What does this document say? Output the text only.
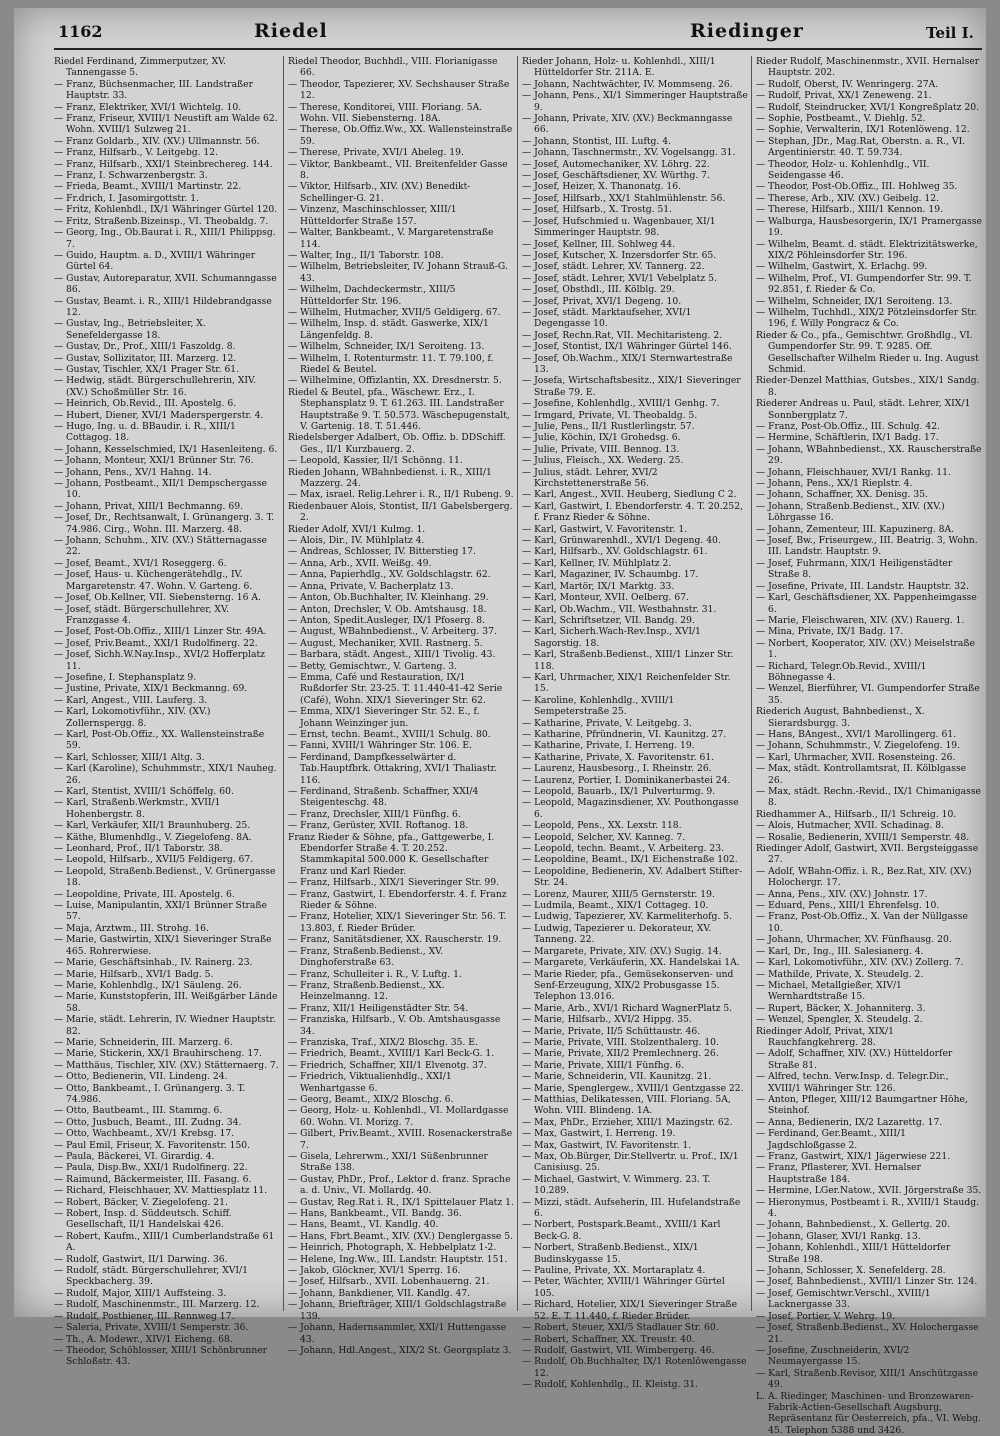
1162	Riedel	Riedinger	Teil I.

Riedel Ferdinand, Zimmerputzer, XV. Tannengasse 5.

— Franz, Büchsenmacher, III. Landstraßer Hauptstr. 33.

— Franz, Elektriker, XVI/1 Wichtelg. 10.

— Franz, Friseur, XVIII/1 Neustift am Walde 62. Wohn. XVIII/1 Sulzweg 21.

— Franz Goldarb., XIV. (XV.) Ullmannstr. 56.

— Franz, Hilfsarb., V. Leitgebg. 12.

— Franz, Hilfsarb., XXI/1 Steinbrechereg. 144.

— Franz, I. Schwarzenbergstr. 3.

— Frieda, Beamt., XVIII/1 Martinstr. 22.

— Fr.drich, I. Jasomirgottstr. 1.

— Fritz, Kohlenhdl., IX/1 Währinger Gürtel 120.

— Fritz, Straßenb.Bizeinsp., VI. Theobaldg. 7.

— Georg, Ing., Ob.Baurat i. R., XIII/1 Philippsg. 7.

— Guido, Hauptm. a. D., XVIII/1 Währinger Gürtel 64.

— Gustav, Autoreparatur, XVII. Schumanngasse 86.

— Gustav, Beamt. i. R., XIII/1 Hildebrandgasse 12.

— Gustav, Ing., Betriebsleiter, X. Senefeldergasse 18.

— Gustav, Dr., Prof., XIII/1 Faszoldg. 8.

— Gustav, Sollizitator, III. Marzerg. 12.

— Gustav, Tischler, XX/1 Prager Str. 61.

— Hedwig, städt. Bürgerschullehrerin, XIV. (XV.) Schoßmüller Str. 16.

— Heinrich, Ob.Revid., III. Apostelg. 6.

— Hubert, Diener, XVI/1 Maderspergerstr. 4.

— Hugo, Ing. u. d. BBaudir. i. R., XIII/1 Cottagog. 18.

— Johann, Kesselschmied, IX/1 Hasenleiteng. 6.

— Johann, Monteur, XXI/1 Brünner Str. 76.

— Johann, Pens., XV/1 Hahng. 14.

— Johann, Postbeamt., XII/1 Dempschergasse 10.

— Johann, Privat, XIII/1 Bechmanng. 69.

— Josef, Dr., Rechtsanwalt, I. Grünangerg. 3. T. 74.986. Cirg., Wohn. III. Marzerg. 48.

— Johann, Schuhm., XIV. (XV.) Stätternagasse 22.

— Josef, Beamt., XVI/1 Roseggerg. 6.

— Josef, Haus- u. Küchengerätehdlg., IV. Margaretenstr. 47. Wohn. V. Garteng. 6.

— Josef, Ob.Kellner, VII. Siebensterng. 16 A.

— Josef, städt. Bürgerschullehrer, XV. Franzgasse 4.

— Josef, Post-Ob.Offiz., XIII/1 Linzer Str. 49A.

— Josef, Priv.Beamt., XXI/1 Rudolfinerg. 22.

— Josef, Sichh.W.Nay.Insp., XVI/2 Hofferplatz 11.

— Josefine, I. Stephansplatz 9.

— Justine, Private, XIX/1 Beckmanng. 69.

— Karl, Angest., VIII. Lauferg. 3.

— Karl, Lokomotivführ., XIV. (XV.) Zollernspergg. 8.

— Karl, Post-Ob.Offiz., XX. Wallensteinstraße 59.

— Karl, Schlosser, XIII/1 Altg. 3.

— Karl (Karoline), Schuhmmstr., XIX/1 Nauheg. 26.

— Karl, Stentist, XVIII/1 Schöffelg. 60.

— Karl, Straßenb.Werkmstr., XVII/1 Hohenbergstr. 8.

— Karl, Verkäufer, XII/1 Braunhuberg. 25.

— Käthe, Blumenhdlg., V. Ziegelofeng. 8A.

— Leonhard, Prof., II/1 Taborstr. 38.

— Leopold, Hilfsarb., XVII/5 Feldigerg. 67.

— Leopold, Straßenb.Bedienst., V. Grünergasse 18.

— Leopoldine, Private, III. Apostelg. 6.

— Luise, Manipulantin, XXI/1 Brünner Straße 57.

— Maja, Arztwm., III. Strohg. 16.

— Marie, Gastwirtin, XIX/1 Sieveringer Straße 465. Rohrerwiese.

— Marie, Geschäftsinhab., IV. Rainerg. 23.

— Marie, Hilfsarb., XVI/1 Badg. 5.

— Marie, Kohlenhdlg., IX/1 Säuleng. 26.

— Marie, Kunststopferin, III. Weißgärber Lände 58.

— Marie, städt. Lehrerin, IV. Wiedner Hauptstr. 82.

— Marie, Schneiderin, III. Marzerg. 6.

— Marie, Stickerin, XX/1 Brauhirscheng. 17.

— Matthäus, Tischler, XIV. (XV.) Stätternaerg. 7.

— Otto, Bedienerin, VII. Lindeng. 24.

— Otto, Bankbeamt., I. Grünangerg. 3. T. 74.986.

— Otto, Bautbeamt., III. Stammg. 6.

— Otto, Jusbuch, Beamt., III. Zudng. 34.

— Otto, Wachbeamt., XV/1 Krebsg. 17.

— Paul Emil, Friseur, X. Favoritenstr. 150.

— Paula, Bäckerei, VI. Girardig. 4.

— Paula, Disp.Bw., XXI/1 Rudolfinerg. 22.

— Raimund, Bäckermeister, III. Fasang. 6.

— Richard, Fleischhauer, XV. Mattiesplatz 11.

— Robert, Bäcker, V. Ziegelofeng. 21.

— Robert, Insp. d. Süddeutsch. Schiff. Gesellschaft, II/1 Handelskai 426.

— Robert, Kaufm., XIII/1 Cumberlandstraße 61 A.

— Rudolf, Gastwirt, II/1 Darwing. 36.

— Rudolf, städt. Bürgerschullehrer, XVI/1 Speckbacherg. 39.

— Rudolf, Major, XIII/1 Auffsteing. 3.

— Rudolf, Maschinenmstr., III. Marzerg. 12.

— Rudolf, Postbiener, III. Rennweg 17.

— Saleria, Private, XVIII/1 Semperstr. 36.

— Th., A. Modewr., XIV/1 Eicheng. 68.

— Theodor, Schöhlosser, XIII/1 Schönbrunner Schloßstr. 43.

Riedel Theodor, Buchhdl., VIII. Florianigasse 66.

— Theodor, Tapezierer, XV. Sechshauser Straße 12.

— Therese, Konditorei, VIII. Floriang. 5A. Wohn. VII. Siebensterng. 18A.

— Therese, Ob.Offiz.Ww., XX. Wallensteinstraße 59.

— Therese, Private, XVI/1 Abeleg. 19.

— Viktor, Bankbeamt., VII. Breitenfelder Gasse 8.

— Viktor, Hilfsarb., XIV. (XV.) Benedikt-Schellinger-G. 21.

— Vinzenz, Maschinschlosser, XIII/1 Hütteldorfer Straße 157.

— Walter, Bankbeamt., V. Margaretenstraße 114.

— Walter, Ing., II/1 Taborstr. 108.

— Wilhelm, Betriebsleiter, IV. Johann Strauß-G. 43.

— Wilhelm, Dachdeckermstr., XIII/5 Hütteldorfer Str. 196.

— Wilhelm, Hutmacher, XVII/5 Geldigerg. 67.

— Wilhelm, Insp. d. städt. Gaswerke, XIX/1 Längenfeldg. 8.

— Wilhelm, Schneider, IX/1 Seroiteng. 13.

— Wilhelm, I. Rotenturmstr. 11. T. 79.100, f. Riedel & Beutel.

— Wilhelmine, Offizlantin, XX. Dresdnerstr. 5.

Riedel & Beutel, pfa., Wäschewr. Erz., I. Stephansplatz 9. T. 61.263. III. Landstraßer Hauptstraße 9. T. 50.573. Wäschepugenstalt, V. Gartenig. 18. T. 51.446.

Riedelsberger Adalbert, Ob. Offiz. b. DDSchiff. Ges., II/1 Kurzbauerg. 2.

— Leopold, Kassier, II/1 Schönng. 11.

Rieden Johann, WBahnbedienst. i. R., XIII/1 Mazzerg. 24.

— Max, israel. Relig.Lehrer i. R., II/1 Rubeng. 9.

Riedenbauer Alois, Stontist, II/1 Gabelsbergerg. 2.

Rieder Adolf, XVI/1 Kulmg. 1.

— Alois, Dir., IV. Mühlplatz 4.

— Andreas, Schlosser, IV. Bitterstieg 17.

— Anna, Arb., XVII. Weißg. 49.

— Anna, Papierhdlg., XV. Goldschlagstr. 62.

— Anna, Private, V. Bacherplatz 13.

— Anton, Ob.Buchhalter, IV. Kleinhang. 29.

— Anton, Drechsler, V. Ob. Amtshausg. 18.

— Anton, Spedit.Ausleger, IX/1 Pfoserg. 8.

— August, WBahnbedienst., V. Arbeiterg. 37.

— August, Mechaniker, XVII. Rastnerg. 5.

— Barbara, städt. Angest., XIII/1 Tivolig. 43.

— Betty, Gemischtwr., V. Garteng. 3.

— Emma, Café und Restauration, IX/1 Rußdorfer Str. 23-25. T. 11.440-41-42 Serie (Café), Wohn. XIX/1 Sieveringer Str. 62.

— Emma, XIX/1 Sieveringer Str. 52. E., f. Johann Weinzinger jun.

— Ernst, techn. Beamt., XVIII/1 Schulg. 80.

— Fanni, XVIII/1 Währinger Str. 106. E.

— Ferdinand, Dampfkesselwärter d. Tab.Hauptfbrk. Ottakring, XVI/1 Thaliastr. 116.

— Ferdinand, Straßenb. Schaffner, XXI/4 Steigenteschg. 48.

— Franz, Drechsler, XIII/1 Fünfhg. 6.

— Franz, Gerüster, XVII. Roftanog. 18.

Franz Rieder & Söhne, pfa., Gattgewerbe, I. Ebendorfer Straße 4. T. 20.252. Stammkapital 500.000 K. Gesellschafter Franz und Karl Rieder.

— Franz, Hilfsarb., XIX/1 Sieveringer Str. 99.

— Franz, Gastwirt, I. Ebendorferstr. 4. f. Franz Rieder & Söhne.

— Franz, Hotelier, XIX/1 Sieveringer Str. 56. T. 13.803, f. Rieder Brüder.

— Franz, Sanitätsdiener, XX. Rauscherstr. 19.

— Franz, Straßenb.Bedienst., XV. Dinghoferstraße 63.

— Franz, Schulleiter i. R., V. Luftg. 1.

— Franz, Straßenb.Bedienst., XX. Heinzelmanng. 12.

— Franz, XII/1 Heiligenstädter Str. 54.

— Franziska, Hilfsarb., V. Ob. Amtshausgasse 34.

— Franziska, Traf., XIX/2 Bloschg. 35. E.

— Friedrich, Beamt., XVIII/1 Karl Beck-G. 1.

— Friedrich, Schaffner, XII/1 Elvenotg. 37.

— Friedrich, Viktualienhdlg., XXI/1 Wenhartgasse 6.

— Georg, Beamt., XIX/2 Bloschg. 6.

— Georg, Holz- u. Kohlenhdl., VI. Mollardgasse 60. Wohn. VI. Morizg. 7.

— Gilbert, Priv.Beamt., XVIII. Rosenackerstraße 7.

— Gisela, Lehrerwm., XXI/1 Süßenbrunner Straße 138.

— Gustav, PhDr., Prof., Lektor d. franz. Sprache a. d. Univ., VI. Mollardg. 40.

— Gustav, Reg.Rat i. R., IX/1 Spittelauer Platz 1.

— Hans, Bankbeamt., VII. Bandg. 36.

— Hans, Beamt., VI. Kandlg. 40.

— Hans, Fbrt.Beamt., XIV. (XV.) Denglergasse 5.

— Heinrich, Photograph, X. Hebbelplatz 1-2.

— Helene, Ing.Ww., III. Landstr. Hauptstr. 151.

— Jakob, Glöckner, XVI/1 Sperrg. 16.

— Josef, Hilfsarb., XVII. Lobenhauerng. 21.

— Johann, Bankdiener, VII. Kandlg. 47.

— Johann, Briefträger, XIII/1 Goldschlagstraße 139.

— Johann, Hadernsammler, XXI/1 Huttengasse 43.

— Johann, Hdl.Angest., XIX/2 St. Georgsplatz 3.

Rieder Johann, Holz- u. Kohlenhdl., XIII/1 Hütteldorfer Str. 211A. E.

— Johann, Nachtwächter, IV. Mommseng. 26.

— Johann, Pens., XI/1 Simmeringer Hauptstraße 9.

— Johann, Private, XIV. (XV.) Beckmanngasse 66.

— Johann, Stontist, III. Luftg. 4.

— Johann, Taschnermstr., XV. Vogelsangg. 31.

— Josef, Automechaniker, XV. Löhrg. 22.

— Josef, Geschäftsdiener, XV. Würthg. 7.

— Josef, Heizer, X. Thanonatg. 16.

— Josef, Hilfsarb., XX/1 Stahlmühlenstr. 56.

— Josef, Hilfsarb., X. Trostg. 51.

— Josef, Hufschmied u. Wagenbauer, XI/1 Simmeringer Hauptstr. 98.

— Josef, Kellner, III. Sohlweg 44.

— Josef, Kutscher, X. Inzersdorfer Str. 65.

— Josef, städt. Lehrer, XV. Tannerg. 22.

— Josef, städt. Lehrer, XVI/1 Vebelplatz 5.

— Josef, Obsthdl., III. Kölblg. 29.

— Josef, Privat, XVI/1 Degeng. 10.

— Josef, städt. Marktaufseher, XVI/1 Degengasse 10.

— Josef, Rechn.Rat, VII. Mechitaristeng. 2.

— Josef, Stontist, IX/1 Währinger Gürtel 146.

— Josef, Ob.Wachm., XIX/1 Sternwartestraße 13.

— Josefa, Wirtschaftsbesitz., XIX/1 Sieveringer Straße 79. E.

— Josefine, Kohlenhdlg., XVIII/1 Genhg. 7.

— Irmgard, Private, VI. Theobaldg. 5.

— Julie, Pens., II/1 Rustlerlingstr. 57.

— Julie, Köchin, IX/1 Grohedsg. 6.

— Julie, Private, VIII. Bennog. 13.

— Julius, Fleisch., XX. Wederg. 25.

— Julius, städt. Lehrer, XVI/2 Kirchstettenerstraße 56.

— Karl, Angest., XVII. Heuberg, Siedlung C 2.

— Karl, Gastwirt, I. Ebendorferstr. 4. T. 20.252, f. Franz Rieder & Söhne.

— Karl, Gastwirt, V. Favoritenstr. 1.

— Karl, Grünwarenhdl., XVI/1 Degeng. 40.

— Karl, Hilfsarb., XV. Goldschlagstr. 61.

— Karl, Kellner, IV. Mühlplatz 2.

— Karl, Magaziner, IV. Schaumbg. 17.

— Karl, Martör, IX/1 Marktg. 33.

— Karl, Monteur, XVII. Oelberg. 67.

— Karl, Ob.Wachm., VII. Westbahnstr. 31.

— Karl, Schriftsetzer, VII. Bandg. 29.

— Karl, Sicherh.Wach-Rev.Insp., XVI/1 Sagorstig. 18.

— Karl, Straßenb.Bedienst., XIII/1 Linzer Str. 118.

— Karl, Uhrmacher, XIX/1 Reichenfelder Str. 15.

— Karoline, Kohlenhdlg., XVIII/1 Sempeterstraße 25.

— Katharine, Private, V. Leitgebg. 3.

— Katharine, Pfründnerin, VI. Kaunitzg. 27.

— Katharine, Private, I. Herreng. 19.

— Katharine, Private, X. Favoritenstr. 61.

— Laurenz, Hausbesorg., I. Rheinstr. 26.

— Laurenz, Portier, I. Dominikanerbastei 24.

— Leopold, Bauarb., IX/1 Pulverturmg. 9.

— Leopold, Magazinsdiener, XV. Pouthongasse 6.

— Leopold, Pens., XX. Lexstr. 118.

— Leopold, Selcher, XV. Kanneg. 7.

— Leopold, techn. Beamt., V. Arbeiterg. 23.

— Leopoldine, Beamt., IX/1 Eichenstraße 102.

— Leopoldine, Bedienerin, XV. Adalbert Stifter-Str. 24.

— Lorenz, Maurer, XIII/5 Gernsterstr. 19.

— Ludmila, Beamt., XIX/1 Cottageg. 10.

— Ludwig, Tapezierer, XV. Karmeliterhofg. 5.

— Ludwig, Tapezierer u. Dekorateur, XV. Tanneng. 22.

— Margarete, Private, XIV. (XV.) Sugig. 14.

— Margarete, Verkäuferin, XX. Handelskai 1A.

— Marie Rieder, pfa., Gemüsekonserven- und Senf-Erzeugung, XIX/2 Probusgasse 15. Telephon 13.016.

— Marie, Arb., XVI/1 Richard WagnerPlatz 5.

— Marie, Hilfsarb., XVI/2 Hippg. 35.

— Marie, Private, II/5 Schüttaustr. 46.

— Marie, Private, VIII. Stolzenthalerg. 10.

— Marie, Private, XII/2 Premlechnerg. 26.

— Marie, Private, XIII/1 Fünfhg. 6.

— Marie, Schneiderin, VII. Kaunitzg. 21.

— Marie, Spenglergew., XVIII/1 Gentzgasse 22.

— Matthias, Delikatessen, VIII. Floriang. 5A, Wohn. VIII. Blindeng. 1A.

— Max, PhDr., Erzieher, XIII/1 Mazingstr. 62.

— Max, Gastwirt, I. Herreng. 19.

— Max, Gastwirt, IV. Favoritenstr. 1.

— Max, Ob.Bürger, Dir.Stellvertr. u. Prof., IX/1 Canisiusg. 25.

— Michael, Gastwirt, V. Wimmerg. 23. T. 10.289.

— Mizzi, städt. Aufseherin, III. Hufelandstraße 6.

— Norbert, Postspark.Beamt., XVIII/1 Karl Beck-G. 8.

— Norbert, Straßenb.Bedienst., XIX/1 Budinskygasse 15.

— Pauline, Private, XX. Mortaraplatz 4.

— Peter, Wächter, XVIII/1 Währinger Gürtel 105.

— Richard, Hotelier, XIX/1 Sieveringer Straße 52. E. T. 11.440, f. Rieder Brüder.

— Robert, Steuer, XXI/5 Stadlauer Str. 60.

— Robert, Schaffner, XX. Treustr. 40.

— Rudolf, Gastwirt, VII. Wimbergerg. 46.

— Rudolf, Ob.Buchhalter, IX/1 Rotenlöwengasse 12.

— Rudolf, Kohlenhdlg., II. Kleistg. 31.

Rieder Rudolf, Maschinenmstr., XVII. Hernalser Hauptstr. 202.

— Rudolf, Oberst, IV. Wenringerg. 27A.

— Rudolf, Privat, XX/1 Zeneweng. 21.

— Rudolf, Steindrucker, XVI/1 Kongreßplatz 20.

— Sophie, Postbeamt., V. Diehlg. 52.

— Sophie, Verwalterin, IX/1 Rotenlöweng. 12.

— Stephan, JDr., Mag.Rat, Oberstn. a. R., VI. Argentinierstr. 40. T. 59.734.

— Theodor, Holz- u. Kohlenhdlg., VII. Seidengasse 46.

— Theodor, Post-Ob.Offiz., III. Hohlweg 35.

— Therese, Arb., XIV. (XV.) Geibelg. 12.

— Therese, Hilfsarb., XIII/1 Kennon. 19.

— Walburga, Hausbesorgerin, IX/1 Pramergasse 19.

— Wilhelm, Beamt. d. städt. Elektrizitätswerke, XIX/2 Pöhleinsdorfer Str. 196.

— Wilhelm, Gastwirt, X. Erlachg. 99.

— Wilhelm, Prof., VI. Gumpendorfer Str. 99. T. 92.851, f. Rieder & Co.

— Wilhelm, Schneider, IX/1 Seroiteng. 13.

— Wilhelm, Tuchhdl., XIX/2 Pötzleinsdorfer Str. 196, f. Willy Pongracz & Co.

Rieder & Co., pfa., Gemischtwr. Großhdlg., VI. Gumpendorfer Str. 99. T. 9285. Off. Gesellschafter Wilhelm Rieder u. Ing. August Schmid.

Rieder-Denzel Matthias, Gutsbes., XIX/1 Sandg. 8.

Riederer Andreas u. Paul, städt. Lehrer, XIX/1 Sonnbergplatz 7.

— Franz, Post-Ob.Offiz., III. Schulg. 42.

— Hermine, Schäftlerin, IX/1 Badg. 17.

— Johann, WBahnbedienst., XX. Rauscherstraße 29.

— Johann, Fleischhauer, XVI/1 Rankg. 11.

— Johann, Pens., XX/1 Rieplstr. 4.

— Johann, Schaffner, XX. Denisg. 35.

— Johann, Straßenb.Bedienst., XIV. (XV.) Löhrgasse 16.

— Johann, Zementeur, III. Kapuzinerg. 8A.

— Josef, Bw., Friseurgew., III. Beatrig. 3, Wohn. III. Landstr. Hauptstr. 9.

— Josef, Fuhrmann, XIX/1 Heiligenstädter Straße 8.

— Josefine, Private, III. Landstr. Hauptstr. 32.

— Karl, Geschäftsdiener, XX. Pappenheimgasse 6.

— Marie, Fleischwaren, XIV. (XV.) Rauerg. 1.

— Mina, Private, IX/1 Badg. 17.

— Norbert, Kooperator, XIV. (XV.) Meiselstraße 1.

— Richard, Telegr.Ob.Revid., XVIII/1 Böhnegasse 4.

— Wenzel, Bierführer, VI. Gumpendorfer Straße 35.

Riederich August, Bahnbedienst., X. Sierardsburgg. 3.

— Hans, BAngest., XVI/1 Marollingerg. 61.

— Johann, Schuhmmstr., V. Ziegelofeng. 19.

— Karl, Uhrmacher, XVII. Rosensteing. 26.

— Max, städt. Kontrollamtsrat, II. Kölblgasse 26.

— Max, städt. Rechn.-Revid., IX/1 Chimanigasse 8.

Riedhammer A., Hilfsarb., II/1 Schreig. 10.

— Alois, Hutmacher, XVII. Schadinag. 8.

— Rosalie, Bedienerin, XVIII/1 Semperstr. 48.

Riedinger Adolf, Gastwirt, XVII. Bergsteiggasse 27.

— Adolf, WBahn-Offiz. i. R., Bez.Rat, XIV. (XV.) Holochergr. 17.

— Anna, Pens., XIV. (XV.) Johnstr. 17.

— Eduard, Pens., XIII/1 Ehrenfelsg. 10.

— Franz, Post-Ob.Offiz., X. Van der Nüllgasse 10.

— Johann, Uhrmacher, XV. Fünfhausg. 20.

— Karl, Dr., Ing., III. Salesianerg. 4.

— Karl, Lokomotivführ., XIV. (XV.) Zollerg. 7.

— Mathilde, Private, X. Steudelg. 2.

— Michael, Metallgießer, XIV/1 Wernhardtstraße 15.

— Rupert, Bäcker, X. Johanniterg. 3.

— Wenzel, Spengler, X. Steudelg. 2.

Riedinger Adolf, Privat, XIX/1 Rauchfangkehrerg. 28.

— Adolf, Schaffner, XIV. (XV.) Hütteldorfer Straße 81.

— Alfred, techn. Verw.Insp. d. Telegr.Dir., XVIII/1 Währinger Str. 126.

— Anton, Pfleger, XIII/12 Baumgartner Höhe, Steinhof.

— Anna, Bedienerin, IX/2 Lazarettg. 17.

— Ferdinand, Ger.Beamt., XIII/1 Jagdschloßgasse 2.

— Franz, Gastwirt, XIX/1 Jägerwiese 221.

— Franz, Pflasterer, XVI. Hernalser Hauptstraße 184.

— Hermine, LGer.Natow., XVII. Jörgerstraße 35.

— Hieronymus, Postbeamt i. R., XVIII/1 Staudg. 4.

— Johann, Bahnbedienst., X. Gellertg. 20.

— Johann, Glaser, XVI/1 Rankg. 13.

— Johann, Kohlenhdl., XIII/1 Hütteldorfer Straße 198.

— Johann, Schlosser, X. Senefelderg. 28.

— Josef, Bahnbedienst., XVIII/1 Linzer Str. 124.

— Josef, Gemischtwr.Verschl., XVIII/1 Lacknergasse 33.

— Josef, Portier, V. Wehrg. 19.

— Josef, Straßenb.Bedienst., XV. Holochergasse 21.

— Josefine, Zuschneiderin, XVI/2 Neumayergasse 15.

— Karl, Straßenb.Revisor, XIII/1 Anschützgasse 49.

L. A. Riedinger, Maschinen- und Bronzewaren-Fabrik-Actien-Gesellschaft Augsburg, Repräsentanz für Oesterreich, pfa., VI. Webg. 45. Telephon 5388 und 3426.
